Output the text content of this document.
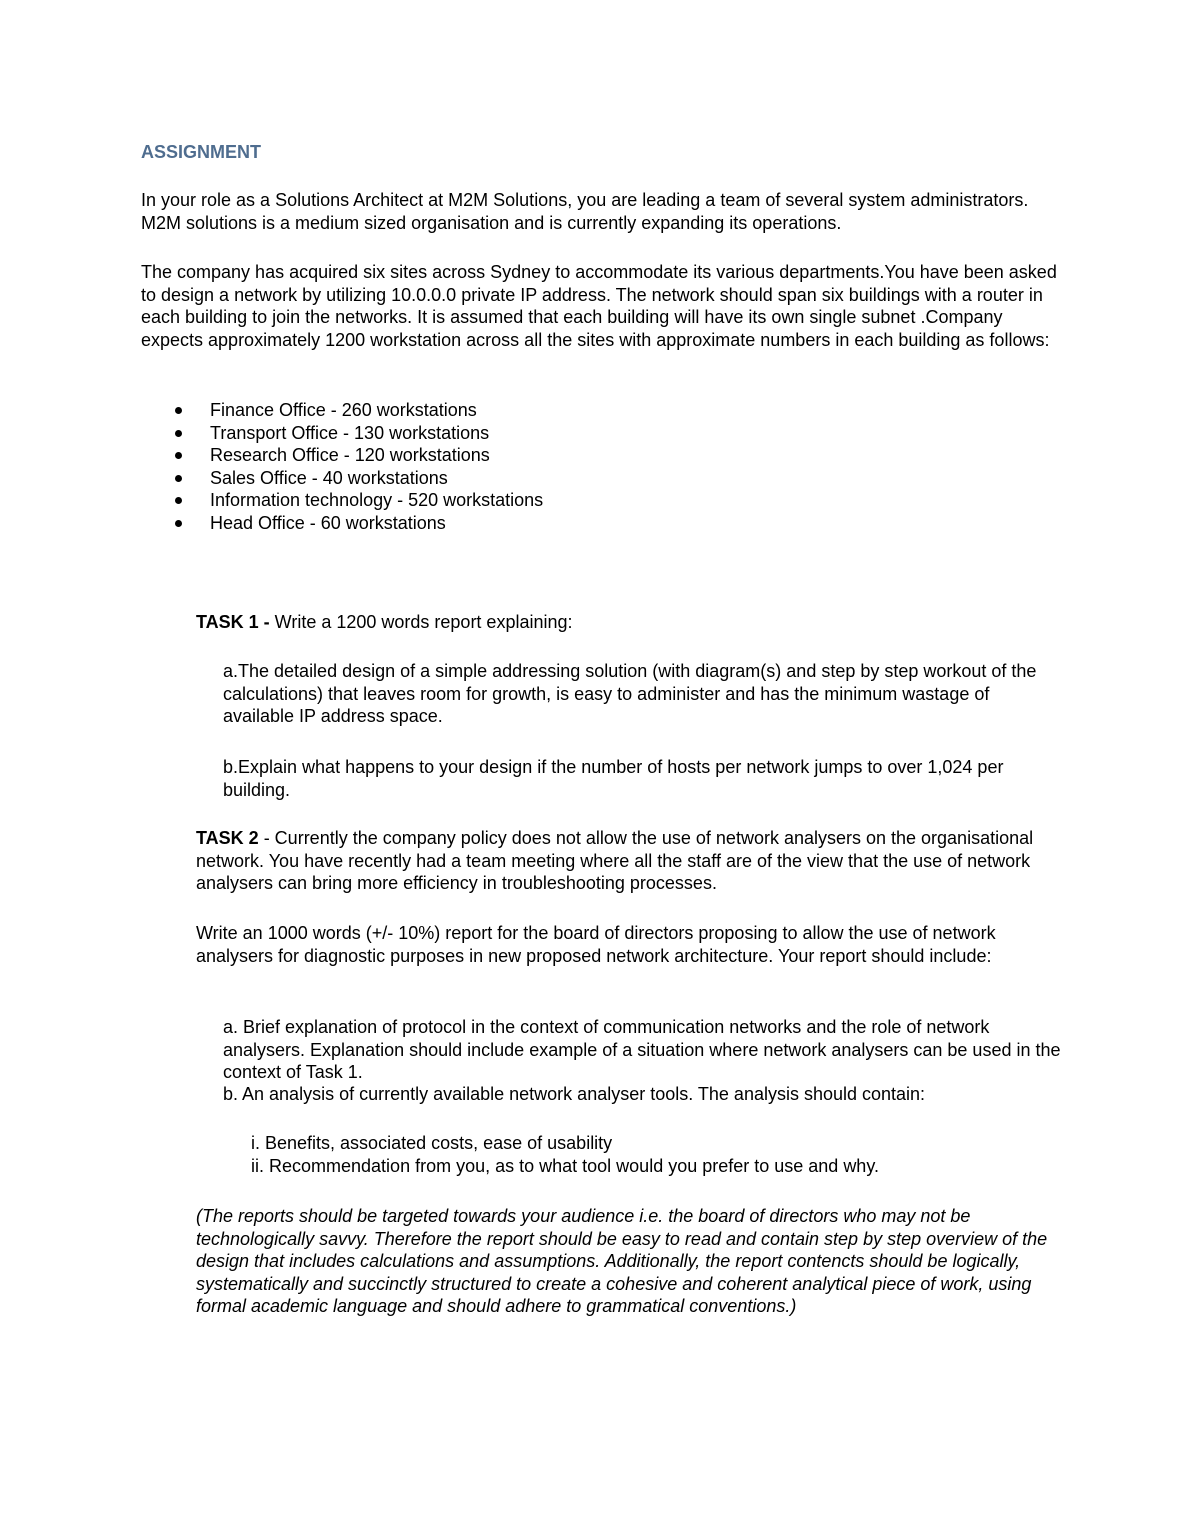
ASSIGNMENT

In your role as a Solutions Architect at M2M Solutions, you are leading a team of several system administrators. M2M solutions is a medium sized organisation and is currently expanding its operations.

The company has acquired six sites across Sydney to accommodate its various departments.You have been asked to design a network by utilizing 10.0.0.0 private IP address. The network should span six buildings with a router in each building to join the networks. It is assumed that each building will have its own single subnet .Company expects approximately 1200 workstation across all the sites with approximate numbers in each building as follows:

Finance Office - 260 workstations
Transport Office - 130 workstations
Research Office - 120 workstations
Sales Office - 40 workstations
Information technology - 520 workstations
Head Office - 60 workstations

TASK 1 - Write a 1200 words report explaining:

a.The detailed design of a simple addressing solution (with diagram(s) and step by step workout of the calculations) that leaves room for growth, is easy to administer and has the minimum wastage of available IP address space.

b.Explain what happens to your design if the number of hosts per network jumps to over 1,024 per building.

TASK 2 - Currently the company policy does not allow the use of network analysers on the organisational network. You have recently had a team meeting where all the staff are of the view that the use of network analysers can bring more efficiency in troubleshooting processes.

Write an 1000 words (+/- 10%) report for the board of directors proposing to allow the use of network analysers for diagnostic purposes in new proposed network architecture. Your report should include:

a. Brief explanation of protocol in the context of communication networks and the role of network analysers. Explanation should include example of a situation where network analysers can be used in the context of Task 1.

b. An analysis of currently available network analyser tools. The analysis should contain:

i. Benefits, associated costs, ease of usability

ii. Recommendation from you, as to what tool would you prefer to use and why.

(The reports should be targeted towards your audience i.e. the board of directors who may not be technologically savvy. Therefore the report should be easy to read and contain step by step overview of the design that includes calculations and assumptions. Additionally, the report contencts should be logically, systematically and succinctly structured to create a cohesive and coherent analytical piece of work, using formal academic language and should adhere to grammatical conventions.)
